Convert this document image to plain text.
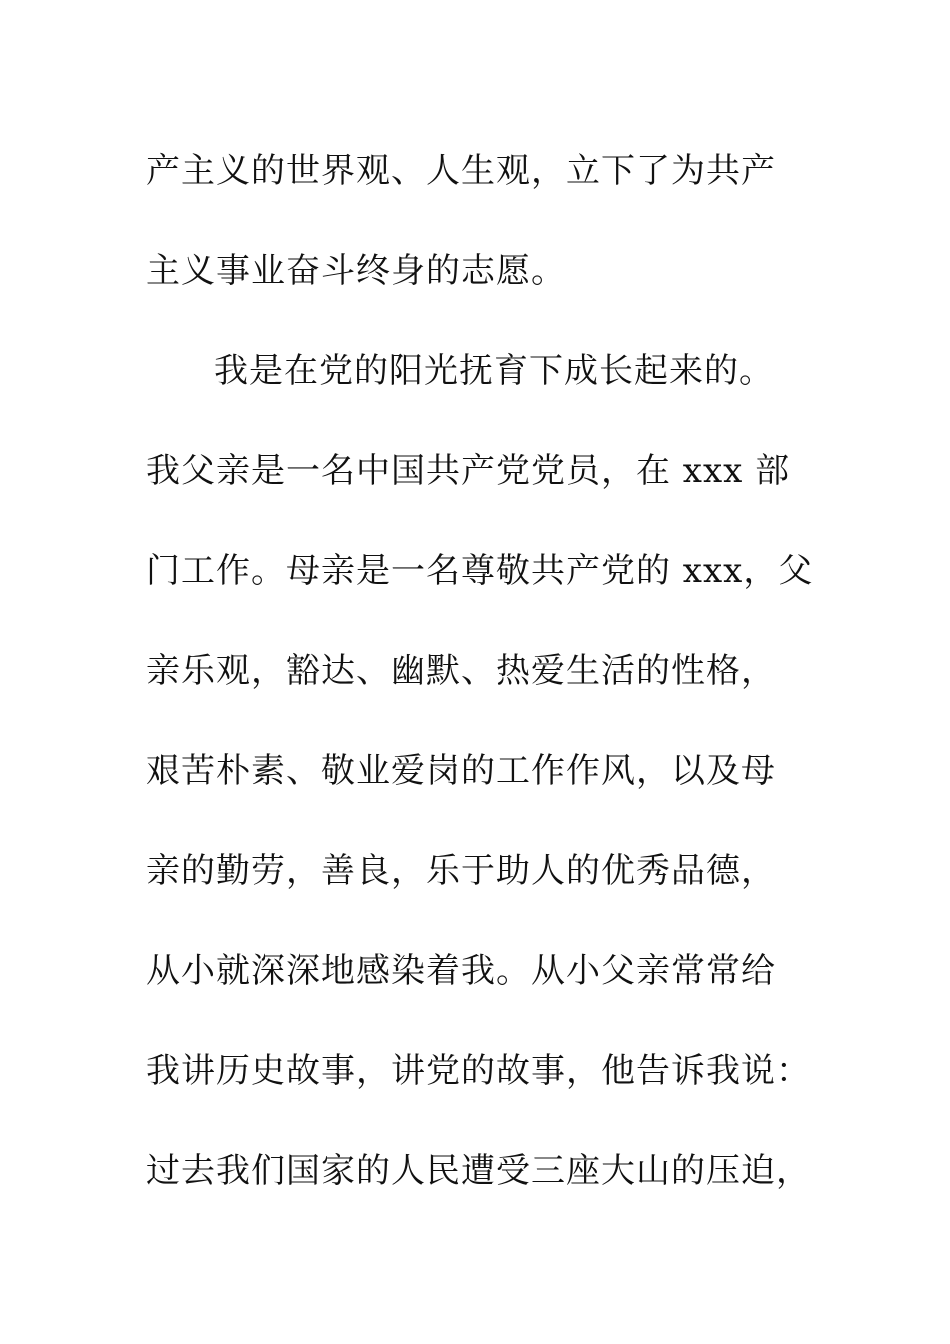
产主义的世界观、人生观，立下了为共产
主义事业奋斗终身的志愿。
我是在党的阳光抚育下成长起来的。
我父亲是一名中国共产党党员，在 xxx 部
门工作。母亲是一名尊敬共产党的 xxx，父
亲乐观，豁达、幽默、热爱生活的性格，
艰苦朴素、敬业爱岗的工作作风，以及母
亲的勤劳，善良，乐于助人的优秀品德，
从小就深深地感染着我。从小父亲常常给
我讲历史故事，讲党的故事，他告诉我说：
过去我们国家的人民遭受三座大山的压迫，
